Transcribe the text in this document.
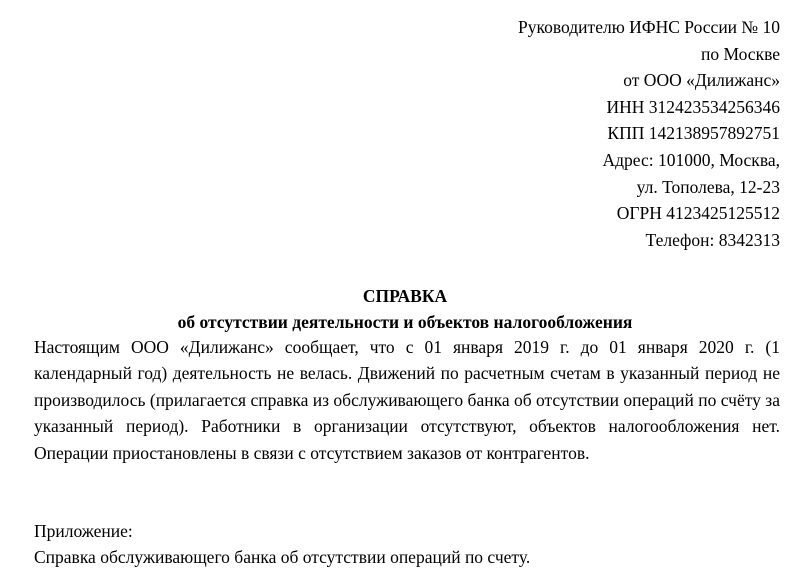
Руководителю ИФНС России № 10
по Москве
от ООО «Дилижанс»
ИНН 312423534256346
КПП 142138957892751
Адрес: 101000, Москва,
ул. Тополева, 12-23
ОГРН 4123425125512
Телефон: 8342313
СПРАВКА
об отсутствии деятельности и объектов налогообложения
Настоящим ООО «Дилижанс» сообщает, что с 01 января 2019 г. до 01 января 2020 г. (1 календарный год) деятельность не велась. Движений по расчетным счетам в указанный период не производилось (прилагается справка из обслуживающего банка об отсутствии операций по счёту за указанный период). Работники в организации отсутствуют, объектов налогообложения нет. Операции приостановлены в связи с отсутствием заказов от контрагентов.
Приложение:
Справка обслуживающего банка об отсутствии операций по счету.
